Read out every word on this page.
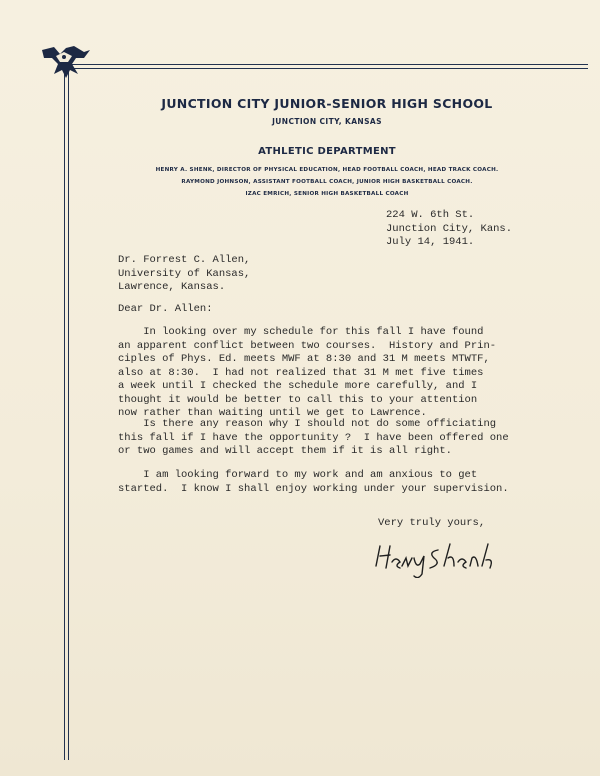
JUNCTION CITY JUNIOR-SENIOR HIGH SCHOOL
JUNCTION CITY, KANSAS
ATHLETIC DEPARTMENT
HENRY A. SHENK, DIRECTOR OF PHYSICAL EDUCATION, HEAD FOOTBALL COACH, HEAD TRACK COACH.
RAYMOND JOHNSON, ASSISTANT FOOTBALL COACH, JUNIOR HIGH BASKETBALL COACH.
IZAC EMRICH, SENIOR HIGH BASKETBALL COACH
224 W. 6th St.
Junction City, Kans.
July 14, 1941.
Dr. Forrest C. Allen,
University of Kansas,
Lawrence, Kansas.
Dear Dr. Allen:
In looking over my schedule for this fall I have found
an apparent conflict between two courses.  History and Prin-
ciples of Phys. Ed. meets MWF at 8:30 and 31 M meets MTWTF,
also at 8:30.  I had not realized that 31 M met five times
a week until I checked the schedule more carefully, and I
thought it would be better to call this to your attention
now rather than waiting until we get to Lawrence.
Is there any reason why I should not do some officiating
this fall if I have the opportunity ?  I have been offered one
or two games and will accept them if it is all right.
I am looking forward to my work and am anxious to get
started.  I know I shall enjoy working under your supervision.
Very truly yours,
